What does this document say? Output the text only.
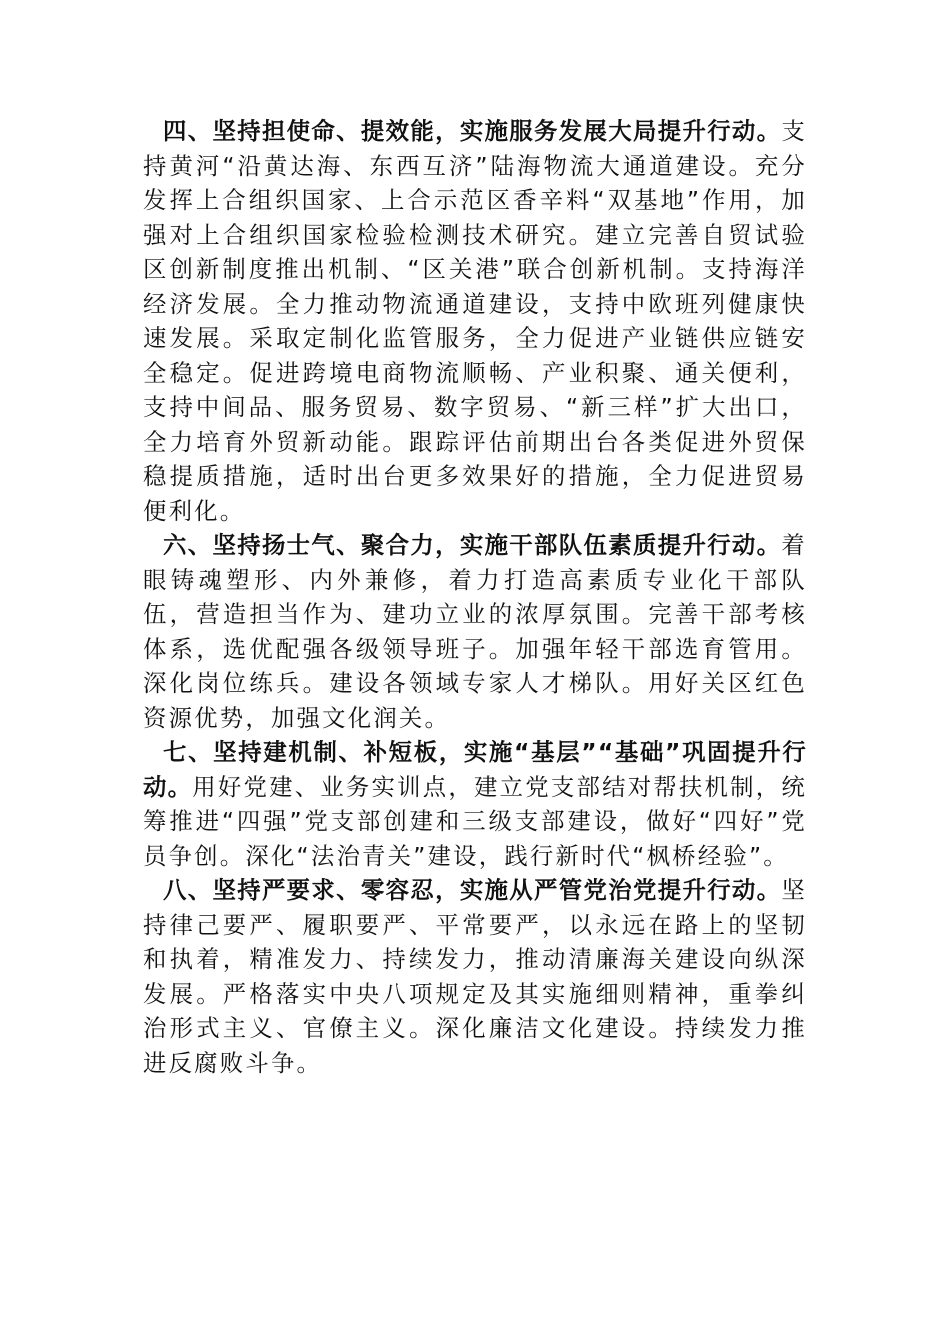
四、坚持担使命、提效能，实施服务发展大局提升行动。支持黄河“沿黄达海、东西互济”陆海物流大通道建设。充分发挥上合组织国家、上合示范区香辛料“双基地”作用，加强对上合组织国家检验检测技术研究。建立完善自贸试验区创新制度推出机制、“区关港”联合创新机制。支持海洋经济发展。全力推动物流通道建设，支持中欧班列健康快速发展。采取定制化监管服务，全力促进产业链供应链安全稳定。促进跨境电商物流顺畅、产业积聚、通关便利，支持中间品、服务贸易、数字贸易、“新三样”扩大出口，全力培育外贸新动能。跟踪评估前期出台各类促进外贸保稳提质措施，适时出台更多效果好的措施，全力促进贸易便利化。

六、坚持扬士气、聚合力，实施干部队伍素质提升行动。着眼铸魂塑形、内外兼修，着力打造高素质专业化干部队伍，营造担当作为、建功立业的浓厚氛围。完善干部考核体系，选优配强各级领导班子。加强年轻干部选育管用。深化岗位练兵。建设各领域专家人才梯队。用好关区红色资源优势，加强文化润关。

七、坚持建机制、补短板，实施“基层”“基础”巩固提升行动。用好党建、业务实训点，建立党支部结对帮扶机制，统筹推进“四强”党支部创建和三级支部建设，做好“四好”党员争创。深化“法治青关”建设，践行新时代“枫桥经验”。

八、坚持严要求、零容忍，实施从严管党治党提升行动。坚持律己要严、履职要严、平常要严，以永远在路上的坚韧和执着，精准发力、持续发力，推动清廉海关建设向纵深发展。严格落实中央八项规定及其实施细则精神，重拳纠治形式主义、官僚主义。深化廉洁文化建设。持续发力推进反腐败斗争。
